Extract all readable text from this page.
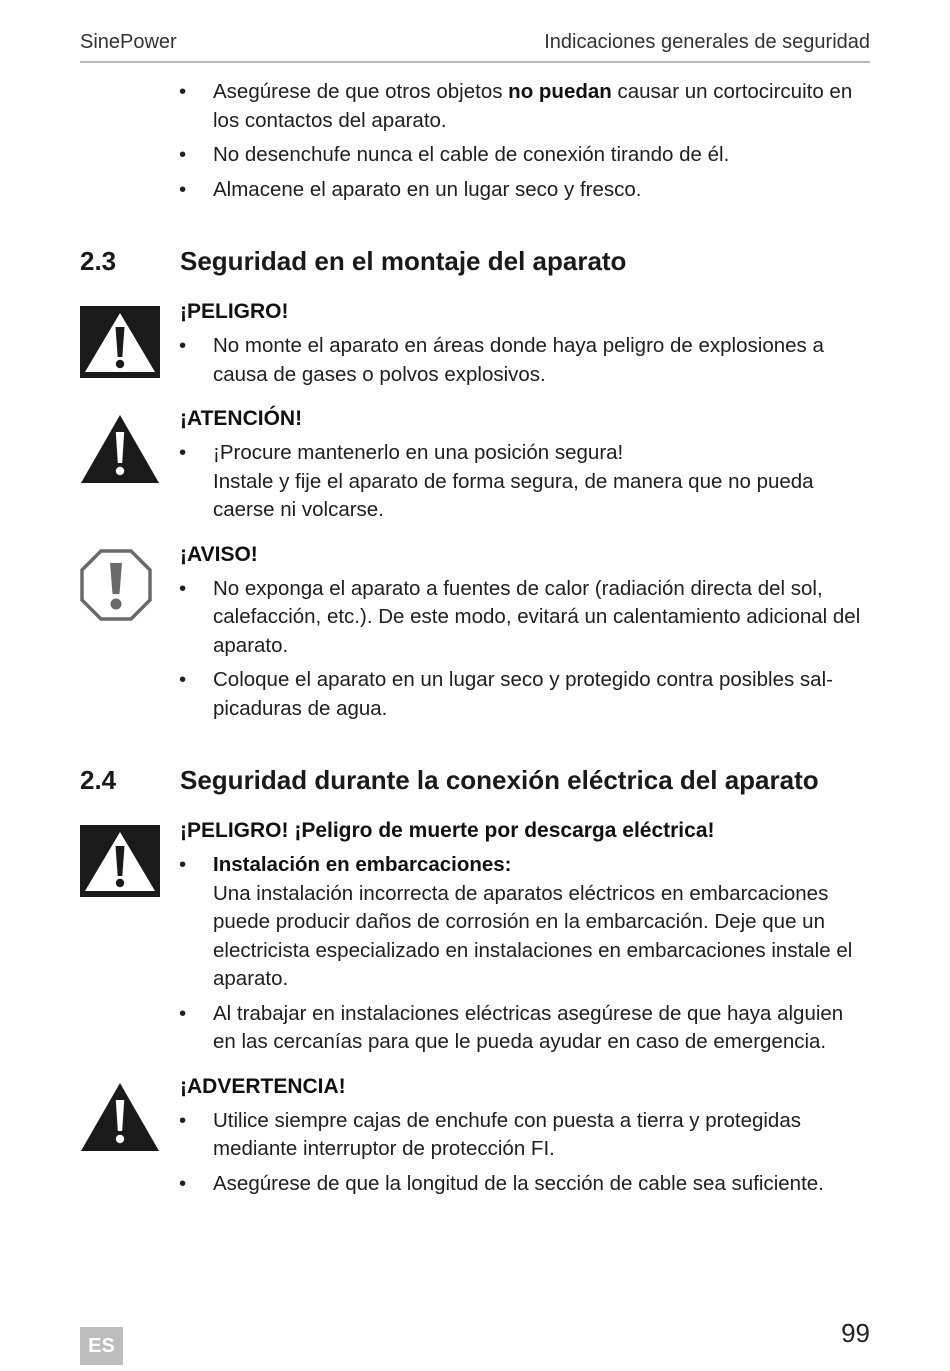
SinePower	Indicaciones generales de seguridad
• Asegúrese de que otros objetos no puedan causar un cortocircuito en los contactos del aparato.
• No desenchufe nunca el cable de conexión tirando de él.
• Almacene el aparato en un lugar seco y fresco.
2.3 Seguridad en el montaje del aparato
¡PELIGRO!
• No monte el aparato en áreas donde haya peligro de explosiones a causa de gases o polvos explosivos.
¡ATENCIÓN!
• ¡Procure mantenerlo en una posición segura!
Instale y fije el aparato de forma segura, de manera que no pueda caerse ni volcarse.
¡AVISO!
• No exponga el aparato a fuentes de calor (radiación directa del sol, calefacción, etc.). De este modo, evitará un calentamiento adicional del aparato.
• Coloque el aparato en un lugar seco y protegido contra posibles sal-picaduras de agua.
2.4 Seguridad durante la conexión eléctrica del aparato
¡PELIGRO! ¡Peligro de muerte por descarga eléctrica!
• Instalación en embarcaciones:
Una instalación incorrecta de aparatos eléctricos en embarcaciones puede producir daños de corrosión en la embarcación. Deje que un electricista especializado en instalaciones en embarcaciones instale el aparato.
• Al trabajar en instalaciones eléctricas asegúrese de que haya alguien en las cercanías para que le pueda ayudar en caso de emergencia.
¡ADVERTENCIA!
• Utilice siempre cajas de enchufe con puesta a tierra y protegidas mediante interruptor de protección FI.
• Asegúrese de que la longitud de la sección de cable sea suficiente.
ES	99
